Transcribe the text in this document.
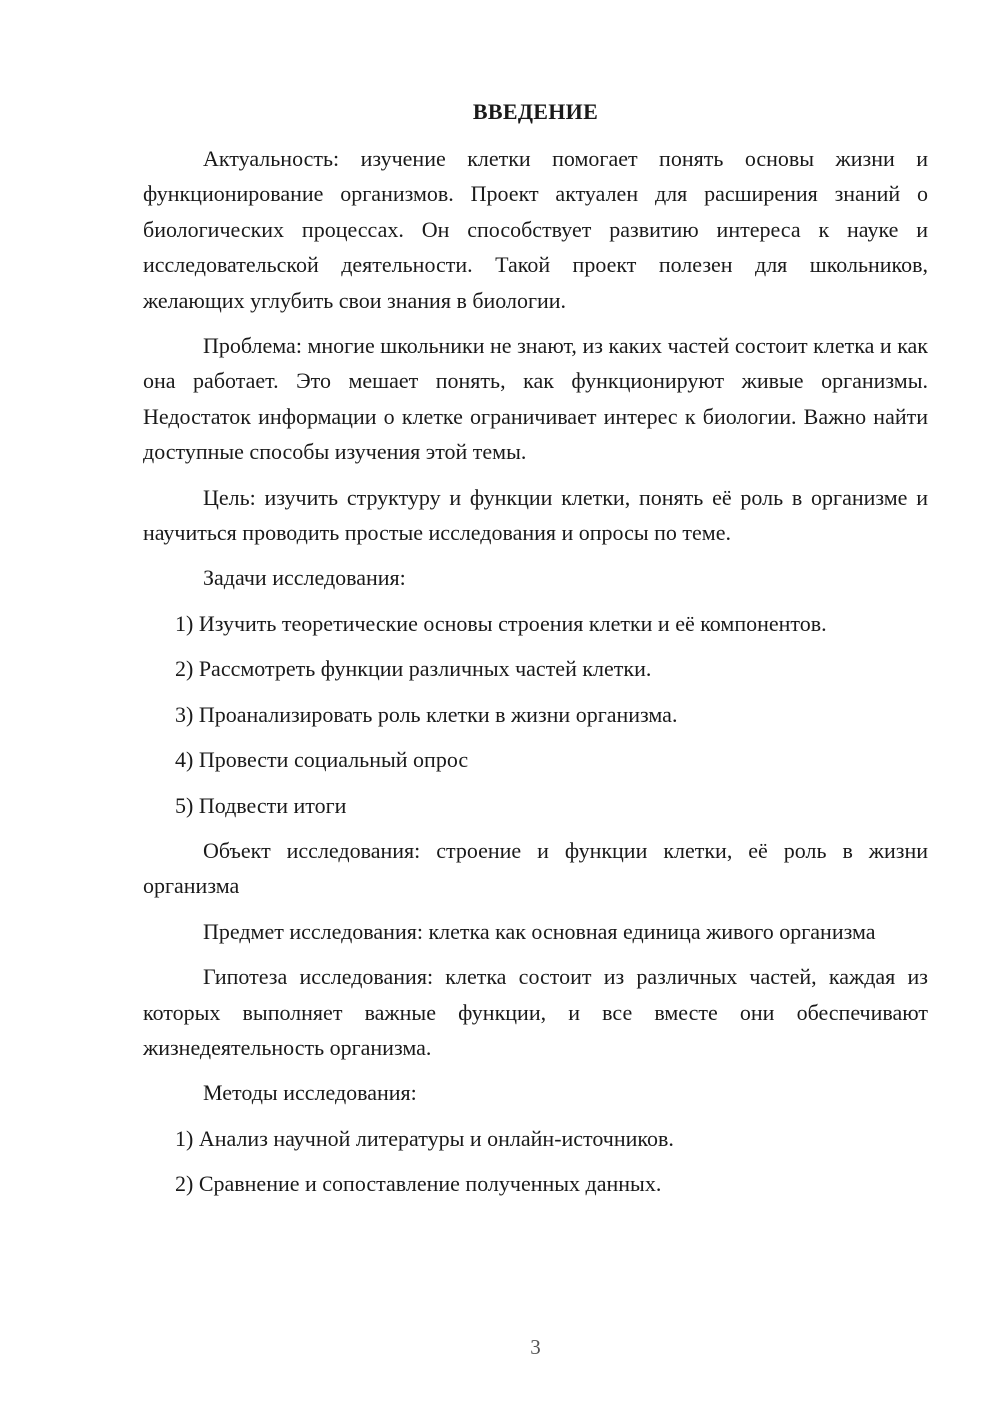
ВВЕДЕНИЕ

Актуальность: изучение клетки помогает понять основы жизни и функционирование организмов. Проект актуален для расширения знаний о биологических процессах. Он способствует развитию интереса к науке и исследовательской деятельности. Такой проект полезен для школьников, желающих углубить свои знания в биологии.

Проблема: многие школьники не знают, из каких частей состоит клетка и как она работает. Это мешает понять, как функционируют живые организмы. Недостаток информации о клетке ограничивает интерес к биологии. Важно найти доступные способы изучения этой темы.

Цель: изучить структуру и функции клетки, понять её роль в организме и научиться проводить простые исследования и опросы по теме.

Задачи исследования:

1) Изучить теоретические основы строения клетки и её компонентов.

2) Рассмотреть функции различных частей клетки.

3) Проанализировать роль клетки в жизни организма.

4) Провести социальный опрос

5) Подвести итоги

Объект исследования: строение и функции клетки, её роль в жизни организма

Предмет исследования: клетка как основная единица живого организма

Гипотеза исследования: клетка состоит из различных частей, каждая из которых выполняет важные функции, и все вместе они обеспечивают жизнедеятельность организма.

Методы исследования:

1) Анализ научной литературы и онлайн-источников.

2) Сравнение и сопоставление полученных данных.

3
